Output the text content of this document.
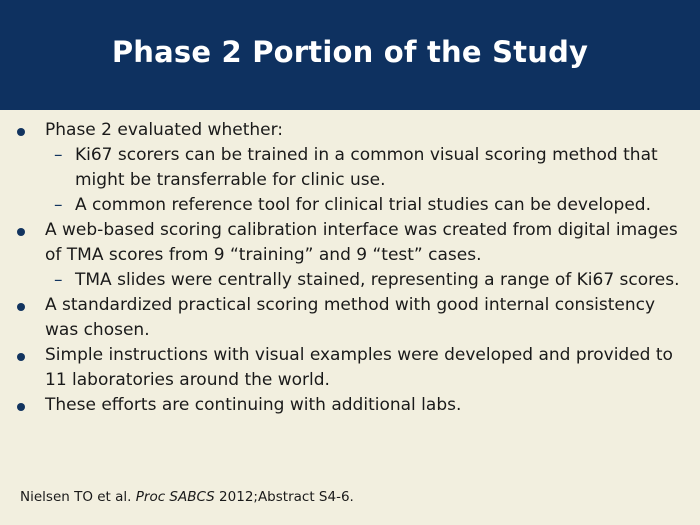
Phase 2 Portion of the Study
Phase 2 evaluated whether:
– Ki67 scorers can be trained in a common visual scoring method that might be transferrable for clinic use.
– A common reference tool for clinical trial studies can be developed.
A web-based scoring calibration interface was created from digital images of TMA scores from 9 “training” and 9 “test” cases.
– TMA slides were centrally stained, representing a range of Ki67 scores.
A standardized practical scoring method with good internal consistency was chosen.
Simple instructions with visual examples were developed and provided to 11 laboratories around the world.
These efforts are continuing with additional labs.
Nielsen TO et al. Proc SABCS 2012;Abstract S4-6.
